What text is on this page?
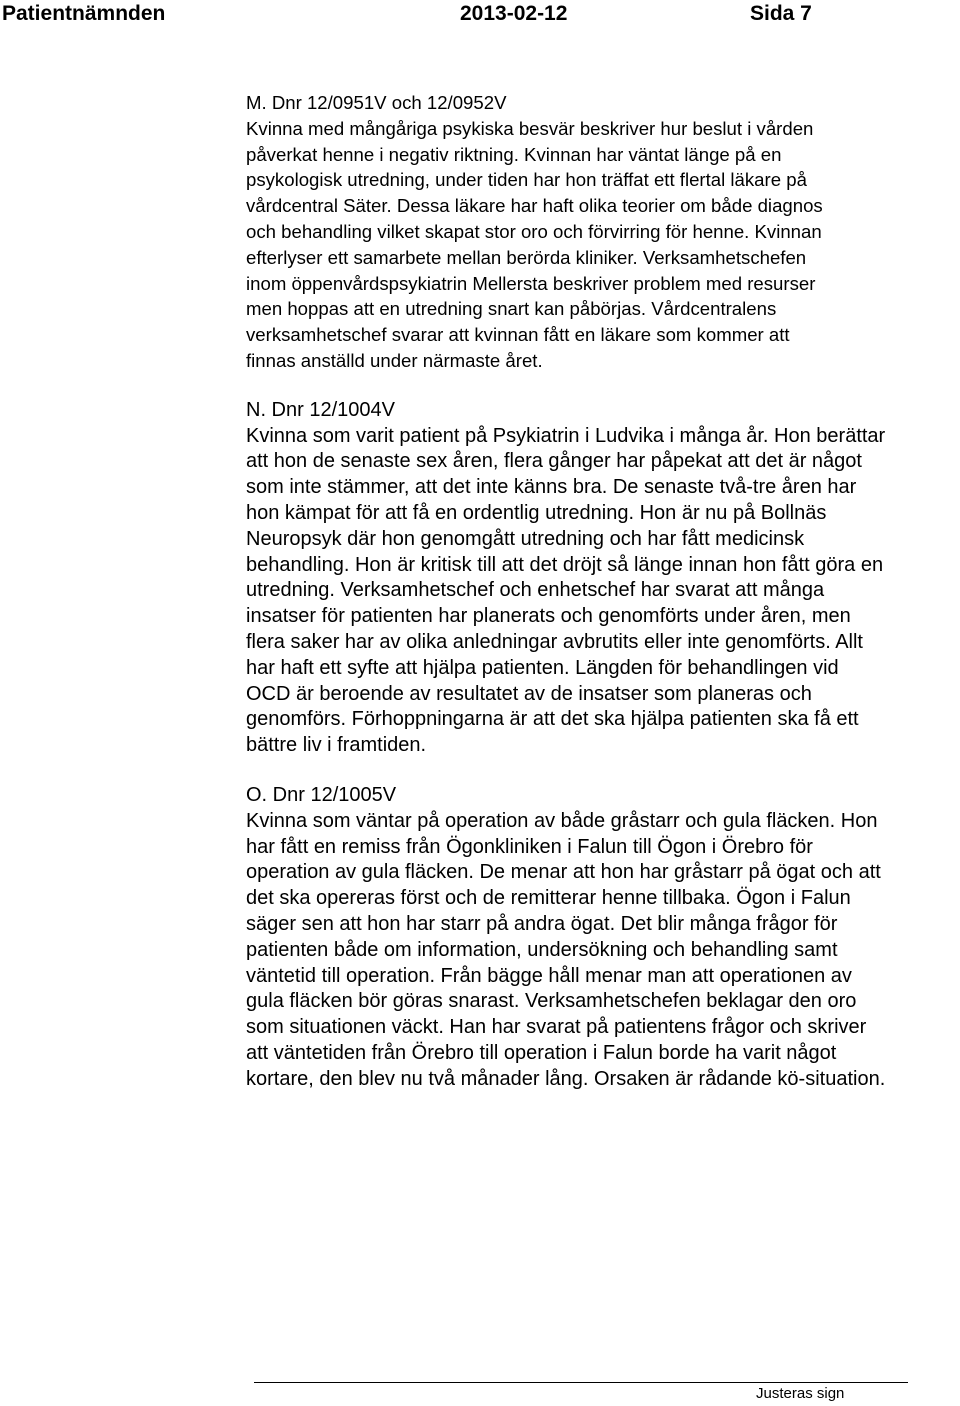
Patientnämnden	2013-02-12	Sida 7
M. Dnr 12/0951V och 12/0952V
Kvinna med mångåriga psykiska besvär beskriver hur beslut i vården
påverkat henne i negativ riktning. Kvinnan har väntat länge på en
psykologisk utredning, under tiden har hon träffat ett flertal läkare på
vårdcentral Säter. Dessa läkare har haft olika teorier om både diagnos
och behandling vilket skapat stor oro och förvirring för henne. Kvinnan
efterlyser ett samarbete mellan berörda kliniker. Verksamhetschefen
inom öppenvårdspsykiatrin Mellersta beskriver problem med resurser
men hoppas att en utredning snart kan påbörjas. Vårdcentralens
verksamhetschef svarar att kvinnan fått en läkare som kommer att
finnas anställd under närmaste året.
N. Dnr 12/1004V
Kvinna som varit patient på Psykiatrin i Ludvika i många år. Hon berättar
att hon de senaste sex åren, flera gånger har påpekat att det är något
som inte stämmer, att det inte känns bra. De senaste två-tre åren har
hon kämpat för att få en ordentlig utredning. Hon är nu på Bollnäs
Neuropsyk där hon genomgått utredning och har fått medicinsk
behandling. Hon är kritisk till att det dröjt så länge innan hon fått göra en
utredning. Verksamhetschef och enhetschef har svarat att många
insatser för patienten har planerats och genomförts under åren, men
flera saker har av olika anledningar avbrutits eller inte genomförts. Allt
har haft ett syfte att hjälpa patienten. Längden för behandlingen vid
OCD är beroende av resultatet av de insatser som planeras och
genomförs. Förhoppningarna är att det ska hjälpa patienten ska få ett
bättre liv i framtiden.
O. Dnr 12/1005V
Kvinna som väntar på operation av både gråstarr och gula fläcken. Hon
har fått en remiss från Ögonkliniken i Falun till Ögon i Örebro för
operation av gula fläcken. De menar att hon har gråstarr på ögat och att
det ska opereras först och de remitterar henne tillbaka. Ögon i Falun
säger sen att hon har starr på andra ögat. Det blir många frågor för
patienten både om information, undersökning och behandling samt
väntetid till operation. Från bägge håll menar man att operationen av
gula fläcken bör göras snarast. Verksamhetschefen beklagar den oro
som situationen väckt. Han har svarat på patientens frågor och skriver
att väntetiden från Örebro till operation i Falun borde ha varit något
kortare, den blev nu två månader lång. Orsaken är rådande kö-situation.
Justeras sign
